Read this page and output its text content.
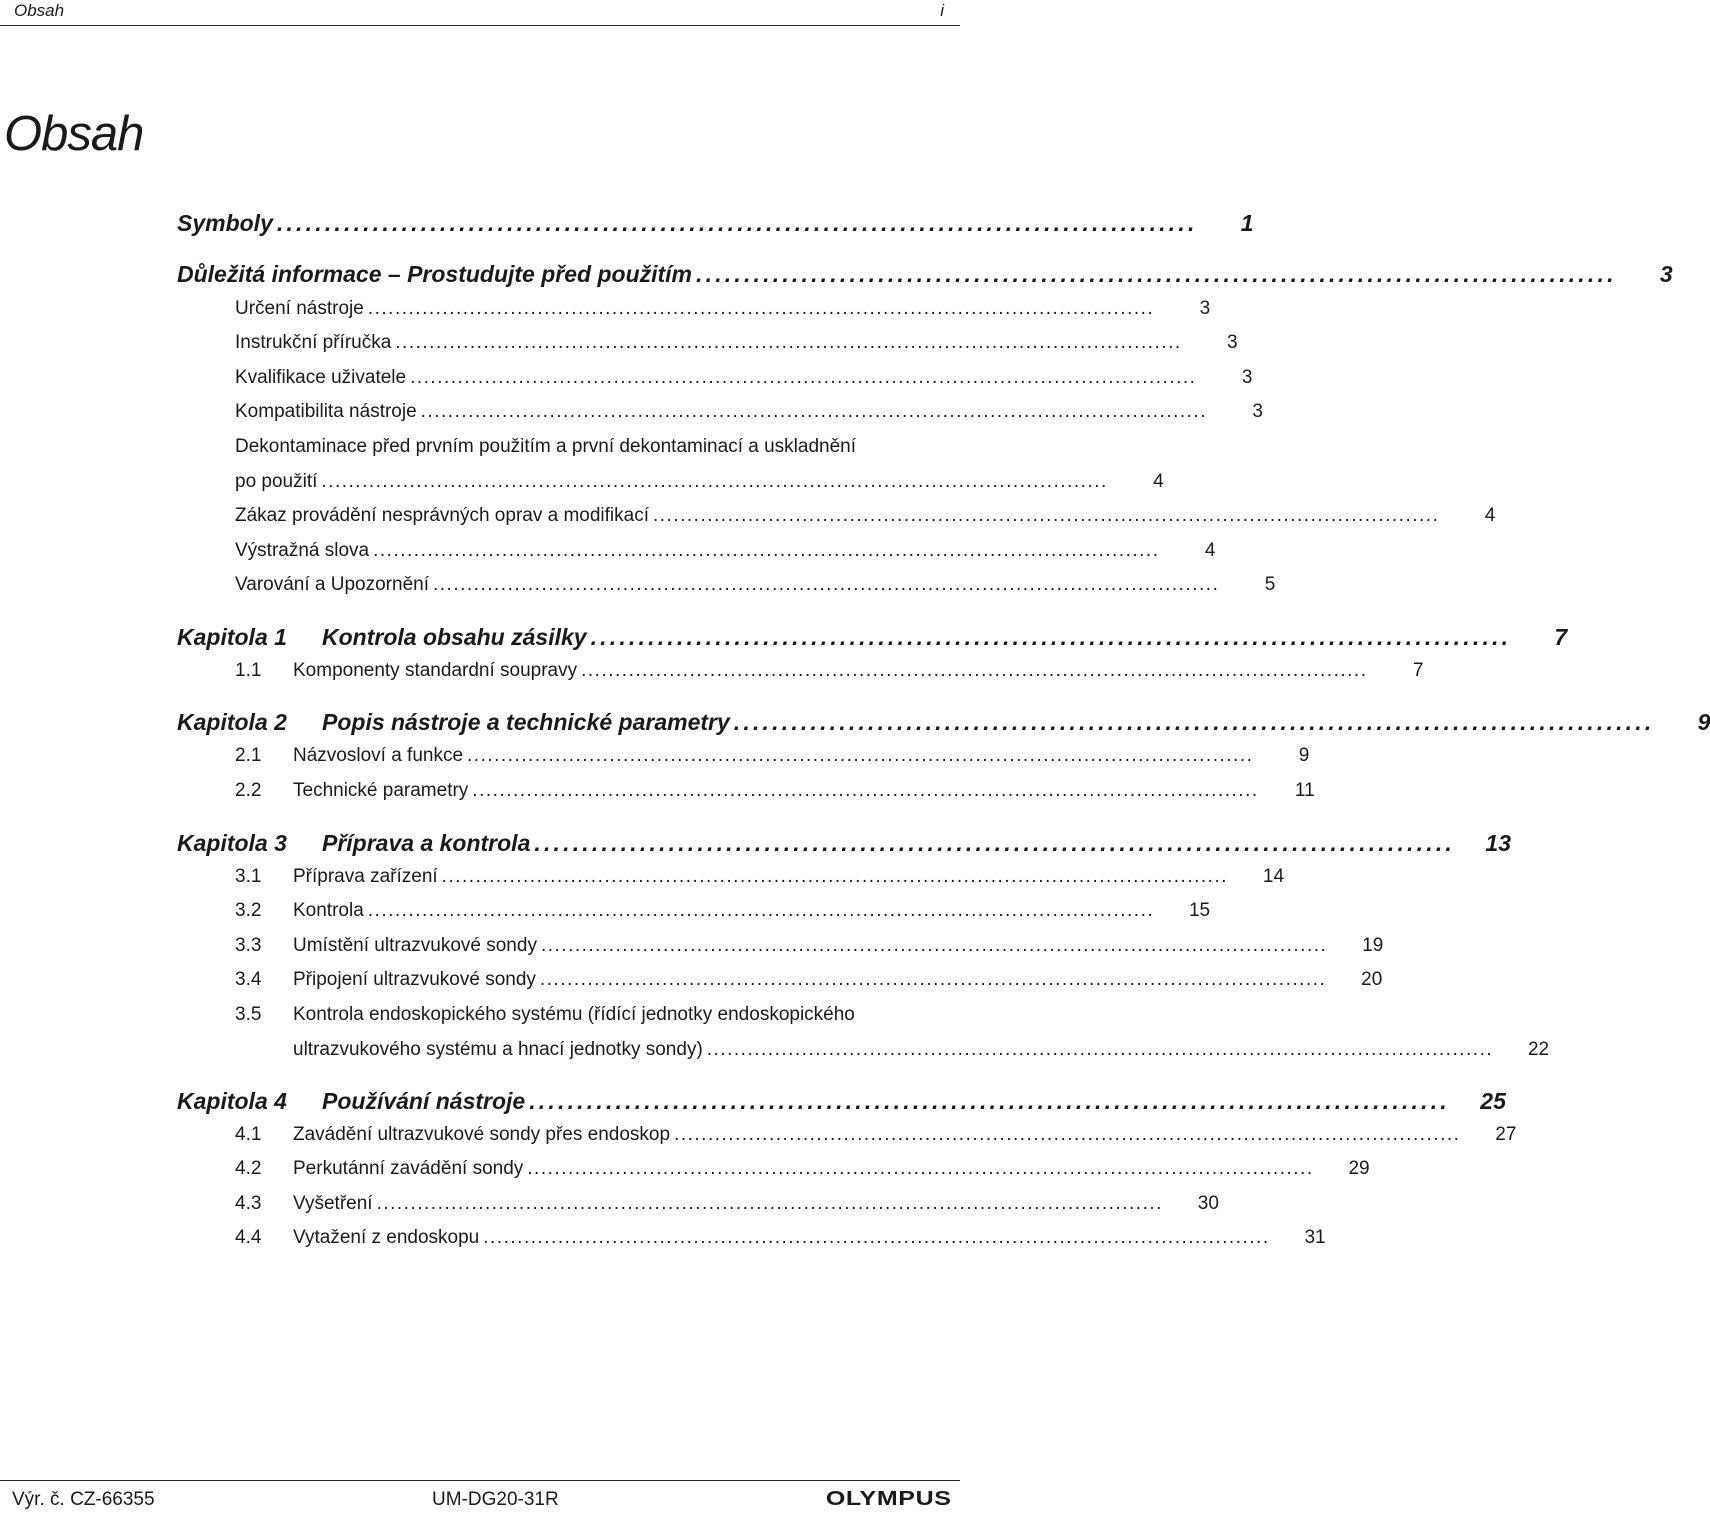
Obsah	i
Obsah
Symboly ................................................................................................	1
Důležitá informace – Prostudujte před použitím ................................................................................................	3
Určení nástroje ....................................................................................................................	3
Instrukční příručka ....................................................................................................................	3
Kvalifikace uživatele ....................................................................................................................	3
Kompatibilita nástroje ....................................................................................................................	3
Dekontaminace před prvním použitím a první dekontaminací a uskladnění
po použití ....................................................................................................................	4
Zákaz provádění nesprávných oprav a modifikací ....................................................................................................................	4
Výstražná slova ....................................................................................................................	4
Varování a Upozornění ....................................................................................................................	5
Kapitola 1 Kontrola obsahu zásilky ................................................................................................	7
1.1 Komponenty standardní soupravy ....................................................................................................................	7
Kapitola 2 Popis nástroje a technické parametry ................................................................................................	9
2.1 Názvosloví a funkce ....................................................................................................................	9
2.2 Technické parametry ....................................................................................................................	11
Kapitola 3 Příprava a kontrola ................................................................................................	13
3.1 Příprava zařízení ....................................................................................................................	14
3.2 Kontrola ....................................................................................................................	15
3.3 Umístění ultrazvukové sondy ....................................................................................................................	19
3.4 Připojení ultrazvukové sondy ....................................................................................................................	20
3.5 Kontrola endoskopického systému (řídící jednotky endoskopického
ultrazvukového systému a hnací jednotky sondy) ....................................................................................................................	22
Kapitola 4 Používání nástroje ................................................................................................	25
4.1 Zavádění ultrazvukové sondy přes endoskop ....................................................................................................................	27
4.2 Perkutánní zavádění sondy ....................................................................................................................	29
4.3 Vyšetření ....................................................................................................................	30
4.4 Vytažení z endoskopu ....................................................................................................................	31
Výr. č. CZ-66355	UM-DG20-31R	OLYMPUS
